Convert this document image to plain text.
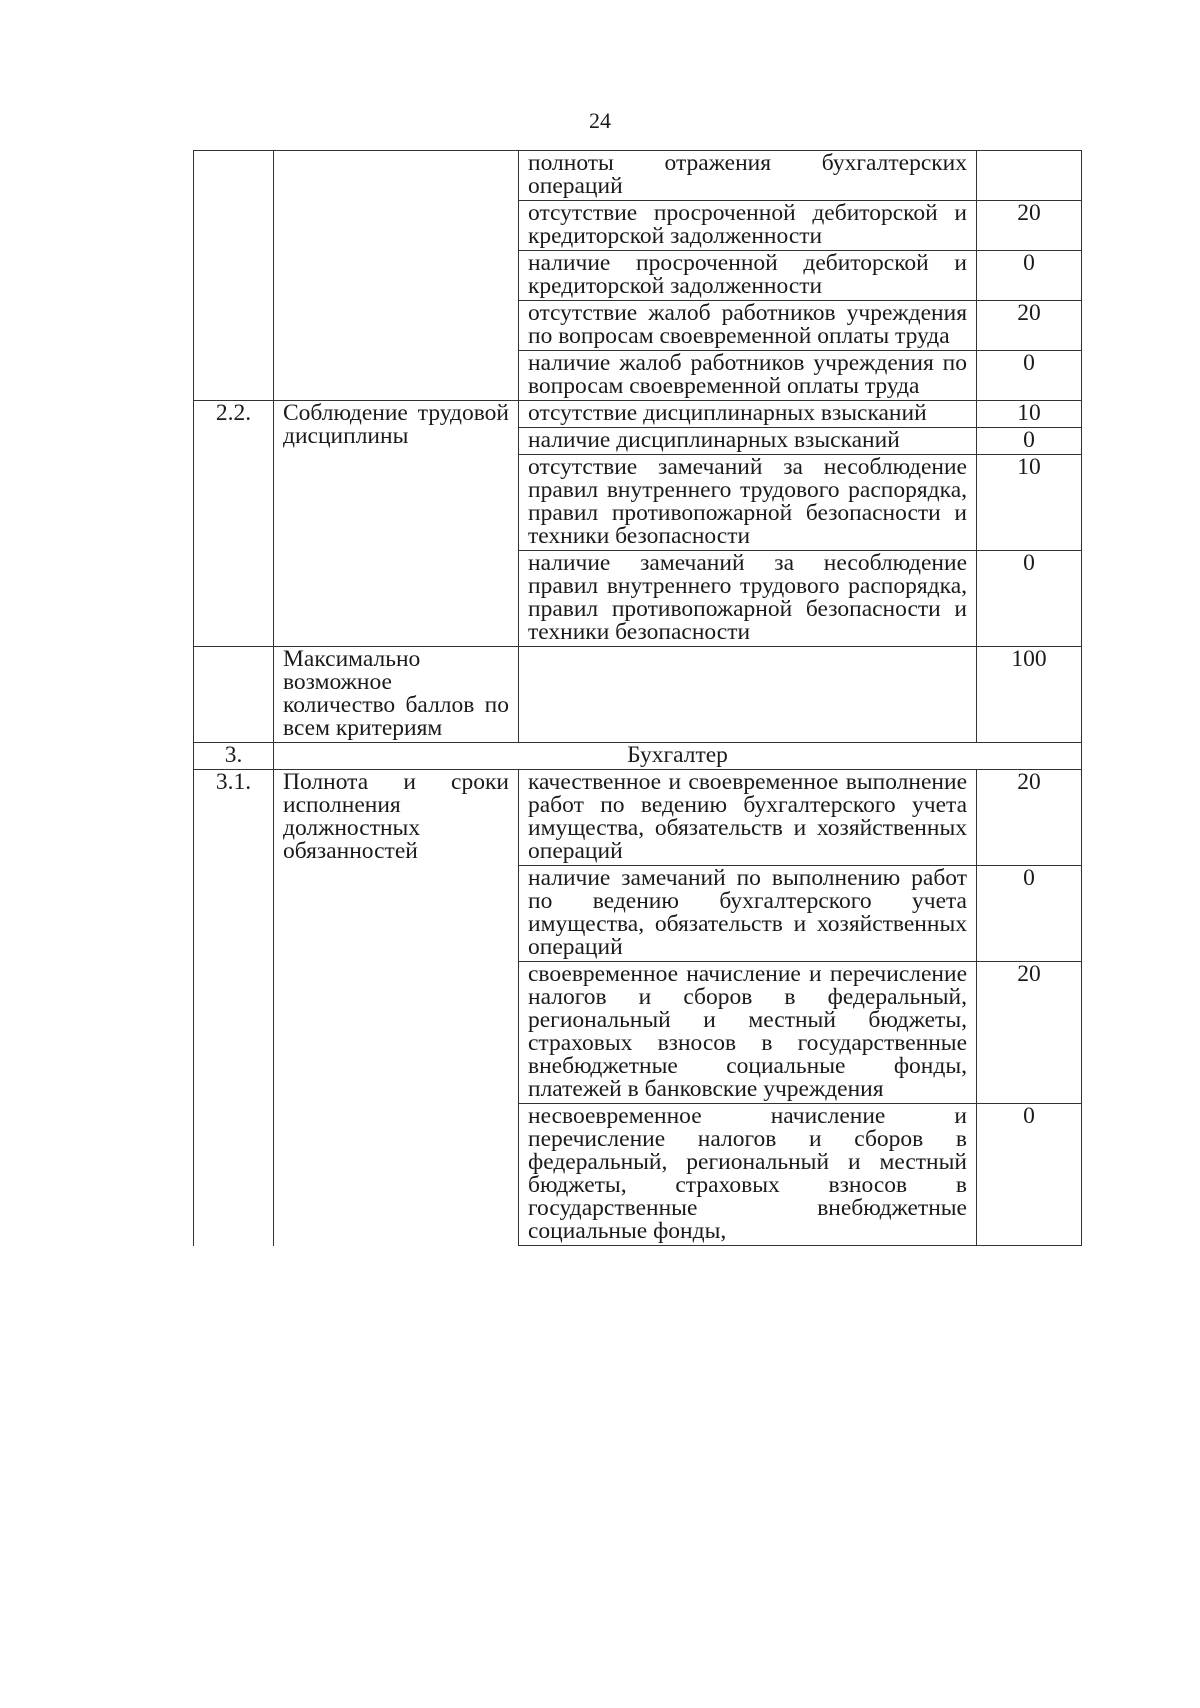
24
		полноты отражения бухгалтерских операций	
		отсутствие просроченной дебиторской и кредиторской задолженности	20
		наличие просроченной дебиторской и кредиторской задолженности	0
		отсутствие жалоб работников учреждения по вопросам своевременной оплаты труда	20
		наличие жалоб работников учреждения по вопросам своевременной оплаты труда	0
2.2.	Соблюдение трудовой дисциплины	отсутствие дисциплинарных взысканий	10
		наличие дисциплинарных взысканий	0
		отсутствие замечаний за несоблюдение правил внутреннего трудового распорядка, правил противопожарной безопасности и техники безопасности	10
		наличие замечаний за несоблюдение правил внутреннего трудового распорядка, правил противопожарной безопасности и техники безопасности	0
	Максимально возможное количество баллов по всем критериям		100
3.	Бухгалтер		
3.1.	Полнота и сроки исполнения должностных обязанностей	качественное и своевременное выполнение работ по ведению бухгалтерского учета имущества, обязательств и хозяйственных операций	20
		наличие замечаний по выполнению работ по ведению бухгалтерского учета имущества, обязательств и хозяйственных операций	0
		своевременное начисление и перечисление налогов и сборов в федеральный, региональный и местный бюджеты, страховых взносов в государственные внебюджетные социальные фонды, платежей в банковские учреждения	20
		несвоевременное начисление и перечисление налогов и сборов в федеральный, региональный и местный бюджеты, страховых взносов в государственные внебюджетные социальные фонды,	0
